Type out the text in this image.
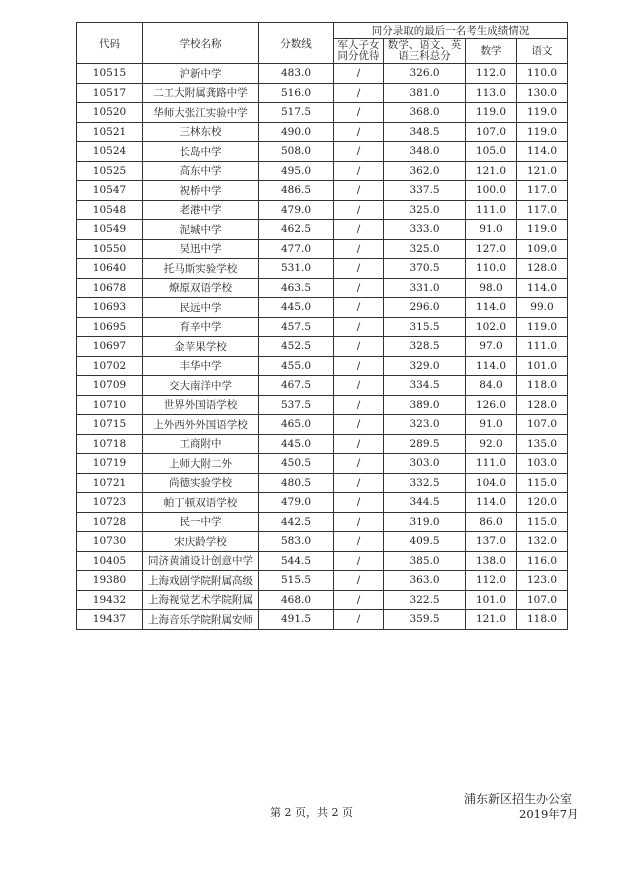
代码	学校名称	分数线	同分录取的最后一名考生成绩情况			
			军人子女同分优待	数学、语文、英语三科总分	数学	语文
10515	沪新中学	483.0	/	326.0	112.0	110.0
10517	二工大附属龚路中学	516.0	/	381.0	113.0	130.0
10520	华师大张江实验中学	517.5	/	368.0	119.0	119.0
10521	三林东校	490.0	/	348.5	107.0	119.0
10524	长岛中学	508.0	/	348.0	105.0	114.0
10525	高东中学	495.0	/	362.0	121.0	121.0
10547	祝桥中学	486.5	/	337.5	100.0	117.0
10548	老港中学	479.0	/	325.0	111.0	117.0
10549	泥城中学	462.5	/	333.0	91.0	119.0
10550	吴迅中学	477.0	/	325.0	127.0	109.0
10640	托马斯实验学校	531.0	/	370.5	110.0	128.0
10678	燎原双语学校	463.5	/	331.0	98.0	114.0
10693	民远中学	445.0	/	296.0	114.0	99.0
10695	育辛中学	457.5	/	315.5	102.0	119.0
10697	金苹果学校	452.5	/	328.5	97.0	111.0
10702	丰华中学	455.0	/	329.0	114.0	101.0
10709	交大南洋中学	467.5	/	334.5	84.0	118.0
10710	世界外国语学校	537.5	/	389.0	126.0	128.0
10715	上外西外外国语学校	465.0	/	323.0	91.0	107.0
10718	工商附中	445.0	/	289.5	92.0	135.0
10719	上师大附二外	450.5	/	303.0	111.0	103.0
10721	尚德实验学校	480.5	/	332.5	104.0	115.0
10723	帕丁顿双语学校	479.0	/	344.5	114.0	120.0
10728	民一中学	442.5	/	319.0	86.0	115.0
10730	宋庆龄学校	583.0	/	409.5	137.0	132.0
10405	同济黄浦设计创意中学	544.5	/	385.0	138.0	116.0
19380	上海戏剧学院附属高级	515.5	/	363.0	112.0	123.0
19432	上海视觉艺术学院附属	468.0	/	322.5	101.0	107.0
19437	上海音乐学院附属安师	491.5	/	359.5	121.0	118.0
第 2 页，共 2 页
浦东新区招生办公室
2019年7月
